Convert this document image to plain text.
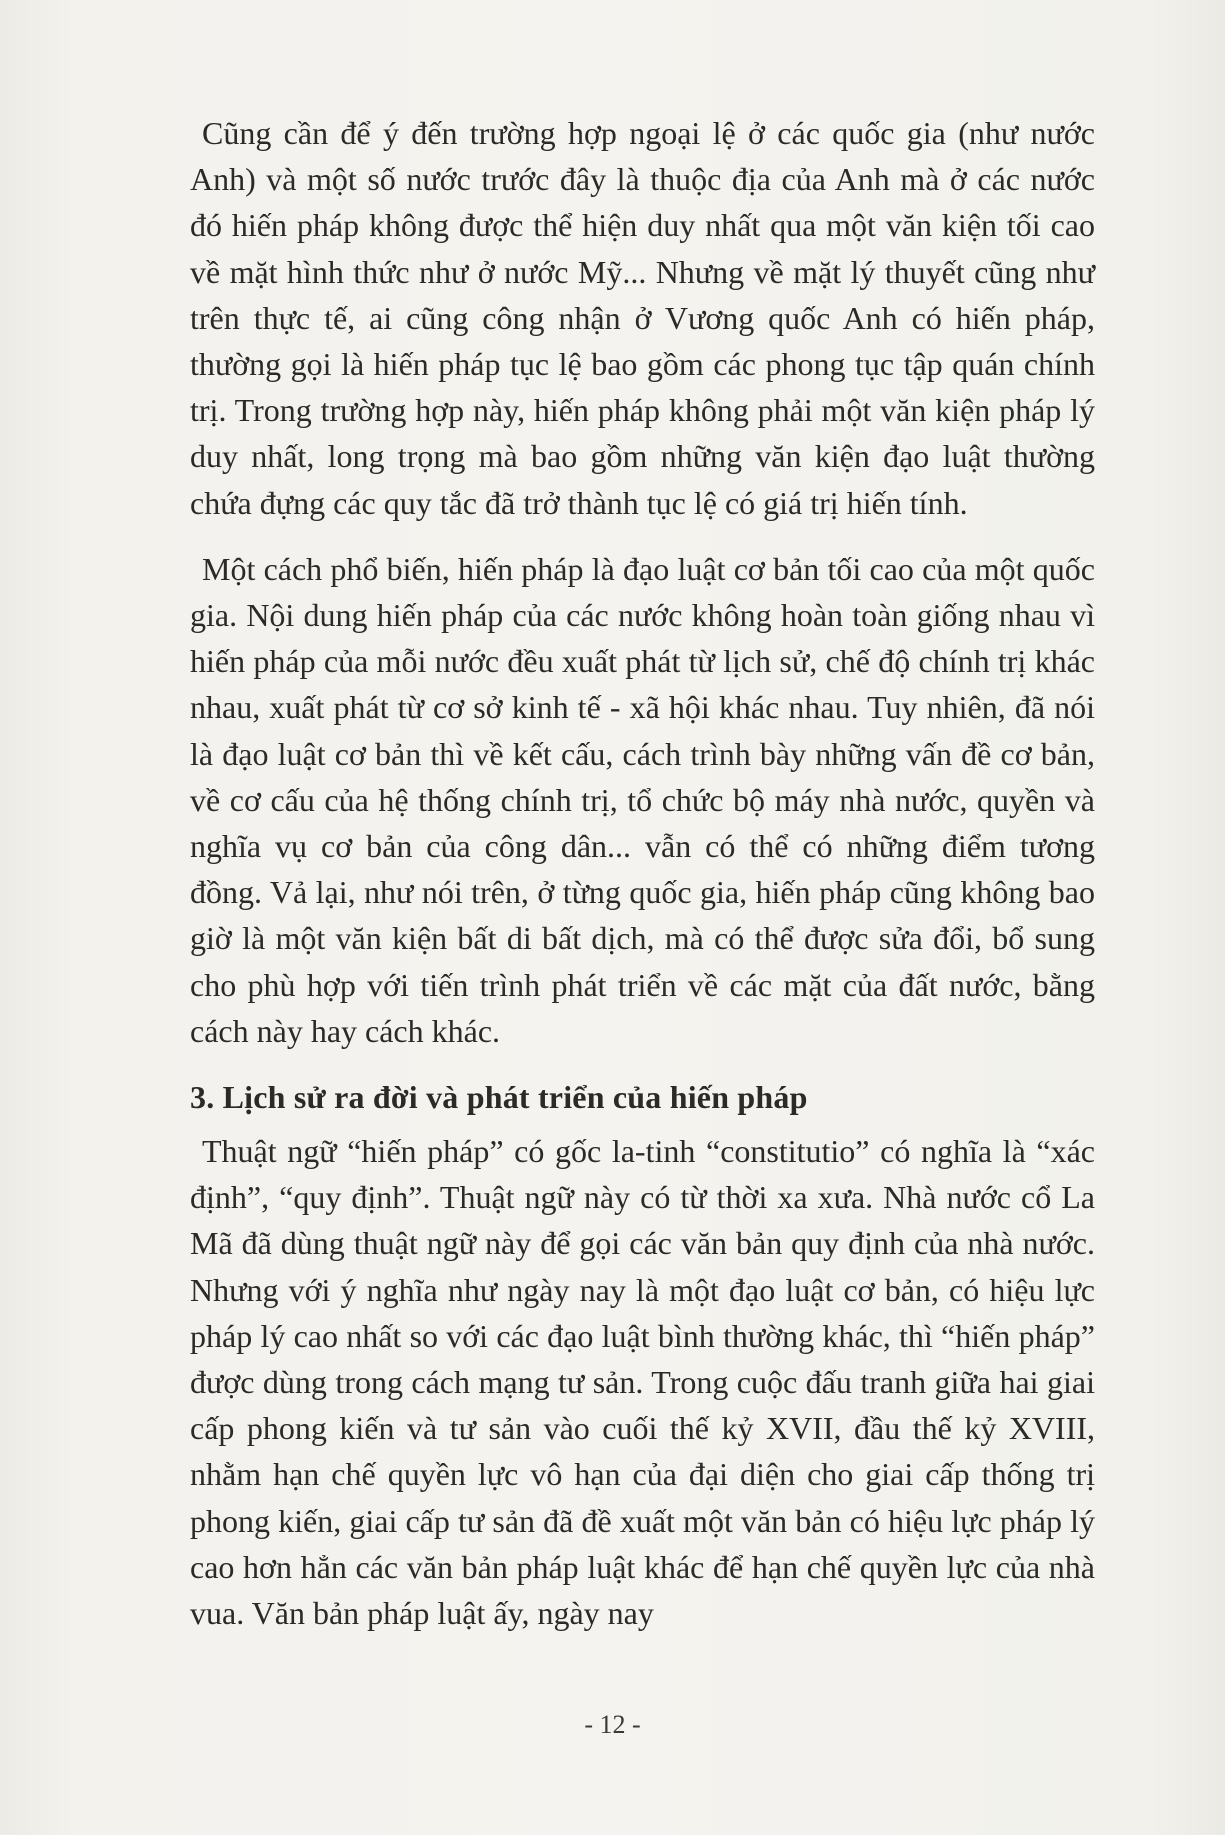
Cũng cần để ý đến trường hợp ngoại lệ ở các quốc gia (như nước Anh) và một số nước trước đây là thuộc địa của Anh mà ở các nước đó hiến pháp không được thể hiện duy nhất qua một văn kiện tối cao về mặt hình thức như ở nước Mỹ... Nhưng về mặt lý thuyết cũng như trên thực tế, ai cũng công nhận ở Vương quốc Anh có hiến pháp, thường gọi là hiến pháp tục lệ bao gồm các phong tục tập quán chính trị. Trong trường hợp này, hiến pháp không phải một văn kiện pháp lý duy nhất, long trọng mà bao gồm những văn kiện đạo luật thường chứa đựng các quy tắc đã trở thành tục lệ có giá trị hiến tính.

Một cách phổ biến, hiến pháp là đạo luật cơ bản tối cao của một quốc gia. Nội dung hiến pháp của các nước không hoàn toàn giống nhau vì hiến pháp của mỗi nước đều xuất phát từ lịch sử, chế độ chính trị khác nhau, xuất phát từ cơ sở kinh tế - xã hội khác nhau. Tuy nhiên, đã nói là đạo luật cơ bản thì về kết cấu, cách trình bày những vấn đề cơ bản, về cơ cấu của hệ thống chính trị, tổ chức bộ máy nhà nước, quyền và nghĩa vụ cơ bản của công dân... vẫn có thể có những điểm tương đồng. Vả lại, như nói trên, ở từng quốc gia, hiến pháp cũng không bao giờ là một văn kiện bất di bất dịch, mà có thể được sửa đổi, bổ sung cho phù hợp với tiến trình phát triển về các mặt của đất nước, bằng cách này hay cách khác.

3. Lịch sử ra đời và phát triển của hiến pháp

Thuật ngữ “hiến pháp” có gốc la-tinh “constitutio” có nghĩa là “xác định”, “quy định”. Thuật ngữ này có từ thời xa xưa. Nhà nước cổ La Mã đã dùng thuật ngữ này để gọi các văn bản quy định của nhà nước. Nhưng với ý nghĩa như ngày nay là một đạo luật cơ bản, có hiệu lực pháp lý cao nhất so với các đạo luật bình thường khác, thì “hiến pháp” được dùng trong cách mạng tư sản. Trong cuộc đấu tranh giữa hai giai cấp phong kiến và tư sản vào cuối thế kỷ XVII, đầu thế kỷ XVIII, nhằm hạn chế quyền lực vô hạn của đại diện cho giai cấp thống trị phong kiến, giai cấp tư sản đã đề xuất một văn bản có hiệu lực pháp lý cao hơn hẳn các văn bản pháp luật khác để hạn chế quyền lực của nhà vua. Văn bản pháp luật ấy, ngày nay

- 12 -
